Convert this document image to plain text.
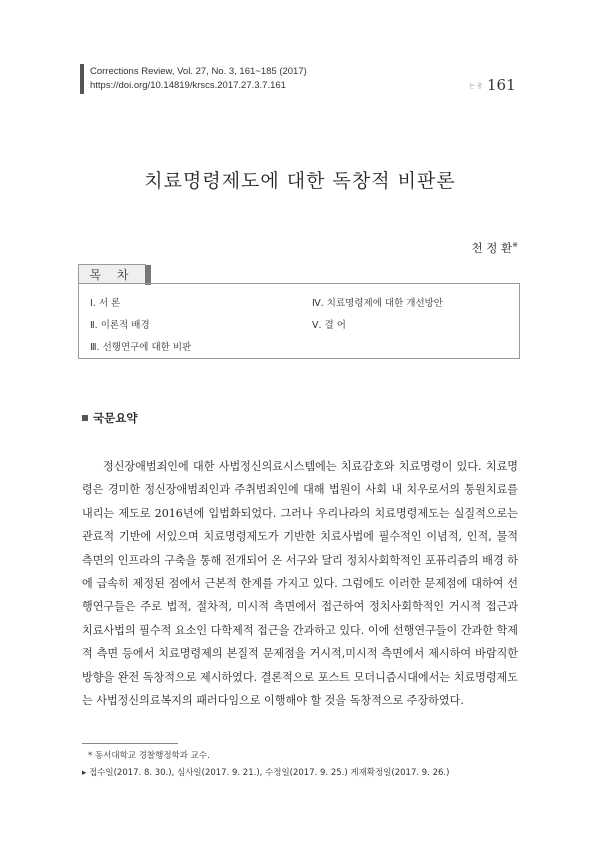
Corrections Review, Vol. 27, No. 3, 161~185 (2017)
https://doi.org/10.14819/krscs.2017.27.3.7.161	논 총 161
치료명령제도에 대한 독창적 비판론
천 정 환※
목 차
Ⅰ. 서 론
Ⅱ. 이론적 배경
Ⅲ. 선행연구에 대한 비판
Ⅳ. 치료명령제에 대한 개선방안
Ⅴ. 결 어
국문요약

정신장애범죄인에 대한 사법정신의료시스템에는 치료감호와 치료명령이 있다. 치료명령은 경미한 정신장애범죄인과 주취범죄인에 대해 법원이 사회 내 치우로서의 통원치료를 내리는 제도로 2016년에 입법화되었다. 그러나 우리나라의 치료명령제도는 실질적으로는 관료적 기반에 서있으며 치료명령제도가 기반한 치료사법에 필수적인 이념적, 인적, 물적 측면의 인프라의 구축을 통해 전개되어 온 서구와 달리 정치사회학적인 포퓨리즘의 배경 하에 급속히 제정된 점에서 근본적 한계를 가지고 있다. 그럼에도 이러한 문제점에 대하여 선행연구들은 주로 법적, 절차적, 미시적 측면에서 접근하여 정치사회학적인 거시적 접근과 치료사법의 필수적 요소인 다학제적 접근을 간과하고 있다. 이에 선행연구들이 간과한 학제적 측면 등에서 치료명령제의 본질적 문제점을 거시적,미시적 측면에서 제시하여 바람직한 방향을 완전 독창적으로 제시하였다. 결론적으로 포스트 모더니즘시대에서는 치료명령제도는 사법정신의료복지의 패러다임으로 이행해야 할 것을 독창적으로 주장하였다.

* 동서대학교 경찰행정학과 교수.
▸ 접수일(2017. 8. 30.), 심사일(2017. 9. 21.), 수정일(2017. 9. 25.) 게재확정일(2017. 9. 26.)
